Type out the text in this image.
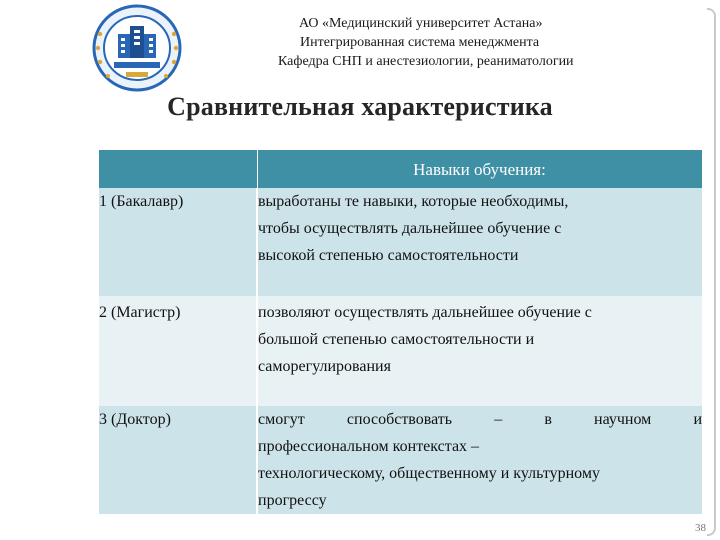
АО «Медицинский университет Астана»
Интегрированная система менеджмента
Кафедра СНП и анестезиологии, реаниматологии
Сравнительная характеристика
	Навыки обучения:
1 (Бакалавр)	выработаны те навыки, которые необходимы,
чтобы осуществлять дальнейшее обучение с
высокой степенью самостоятельности

2 (Магистр)	позволяют осуществлять дальнейшее обучение с
большой степенью самостоятельности и
саморегулирования

3 (Доктор)	смогут способствовать – в научном и
профессиональном контекстах –
технологическому, общественному и культурному
прогрессу
38
